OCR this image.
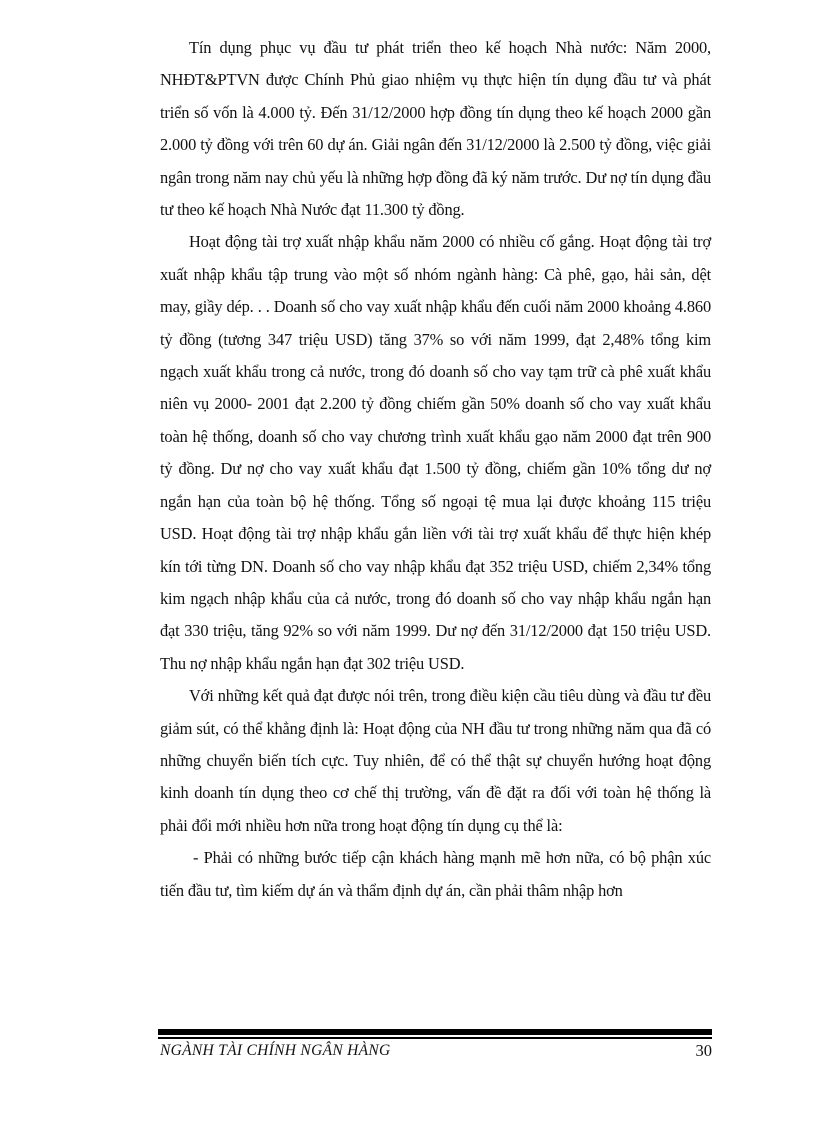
Tín dụng phục vụ đầu tư phát triển theo kế hoạch Nhà nước: Năm 2000, NHĐT&PTVN được Chính Phủ giao nhiệm vụ thực hiện tín dụng đầu tư và phát triển số vốn là 4.000 tỷ. Đến 31/12/2000 hợp đồng tín dụng theo kế hoạch 2000 gần 2.000 tỷ đồng với trên 60 dự án. Giải ngân đến 31/12/2000 là 2.500 tỷ đồng, việc giải ngân trong năm nay chủ yếu là những hợp đồng đã ký năm trước. Dư nợ tín dụng đầu tư theo kế hoạch Nhà Nước đạt 11.300 tỷ đồng.

Hoạt động tài trợ xuất nhập khẩu năm 2000 có nhiều cố gắng. Hoạt động tài trợ xuất nhập khẩu tập trung vào một số nhóm ngành hàng: Cà phê, gạo, hải sản, dệt may, giầy dép. . . Doanh số cho vay xuất nhập khẩu đến cuối năm 2000 khoảng 4.860 tỷ đồng (tương 347 triệu USD) tăng 37% so với năm 1999, đạt 2,48% tổng kim ngạch xuất khẩu trong cả nước, trong đó doanh số cho vay tạm trữ cà phê xuất khẩu niên vụ 2000- 2001 đạt 2.200 tỷ đồng chiếm gần 50% doanh số cho vay xuất khẩu toàn hệ thống, doanh số cho vay chương trình xuất khẩu gạo năm 2000 đạt trên 900 tỷ đồng. Dư nợ cho vay xuất khẩu đạt 1.500 tỷ đồng, chiếm gần 10% tổng dư nợ ngắn hạn của toàn bộ hệ thống. Tổng số ngoại tệ mua lại được khoảng 115 triệu USD. Hoạt động tài trợ nhập khẩu gắn liền với tài trợ xuất khẩu để thực hiện khép kín tới từng DN. Doanh số cho vay nhập khẩu đạt 352 triệu USD, chiếm 2,34% tổng kim ngạch nhập khẩu của cả nước, trong đó doanh số cho vay nhập khẩu ngắn hạn đạt 330 triệu, tăng 92% so với năm 1999. Dư nợ đến 31/12/2000 đạt 150 triệu USD. Thu nợ nhập khẩu ngắn hạn đạt 302 triệu USD.

Với những kết quả đạt được nói trên, trong điều kiện cầu tiêu dùng và đầu tư đều giảm sút, có thể khẳng định là: Hoạt động của NH đầu tư trong những năm qua đã có những chuyển biến tích cực. Tuy nhiên, để có thể thật sự chuyển hướng hoạt động kinh doanh tín dụng theo cơ chế thị trường, vấn đề đặt ra đối với toàn hệ thống là phải đổi mới nhiều hơn nữa trong hoạt động tín dụng cụ thể là:

- Phải có những bước tiếp cận khách hàng mạnh mẽ hơn nữa, có bộ phận xúc tiến đầu tư, tìm kiếm dự án và thẩm định dự án, cần phải thâm nhập hơn

NGÀNH TÀI CHÍNH NGÂN HÀNG	30
